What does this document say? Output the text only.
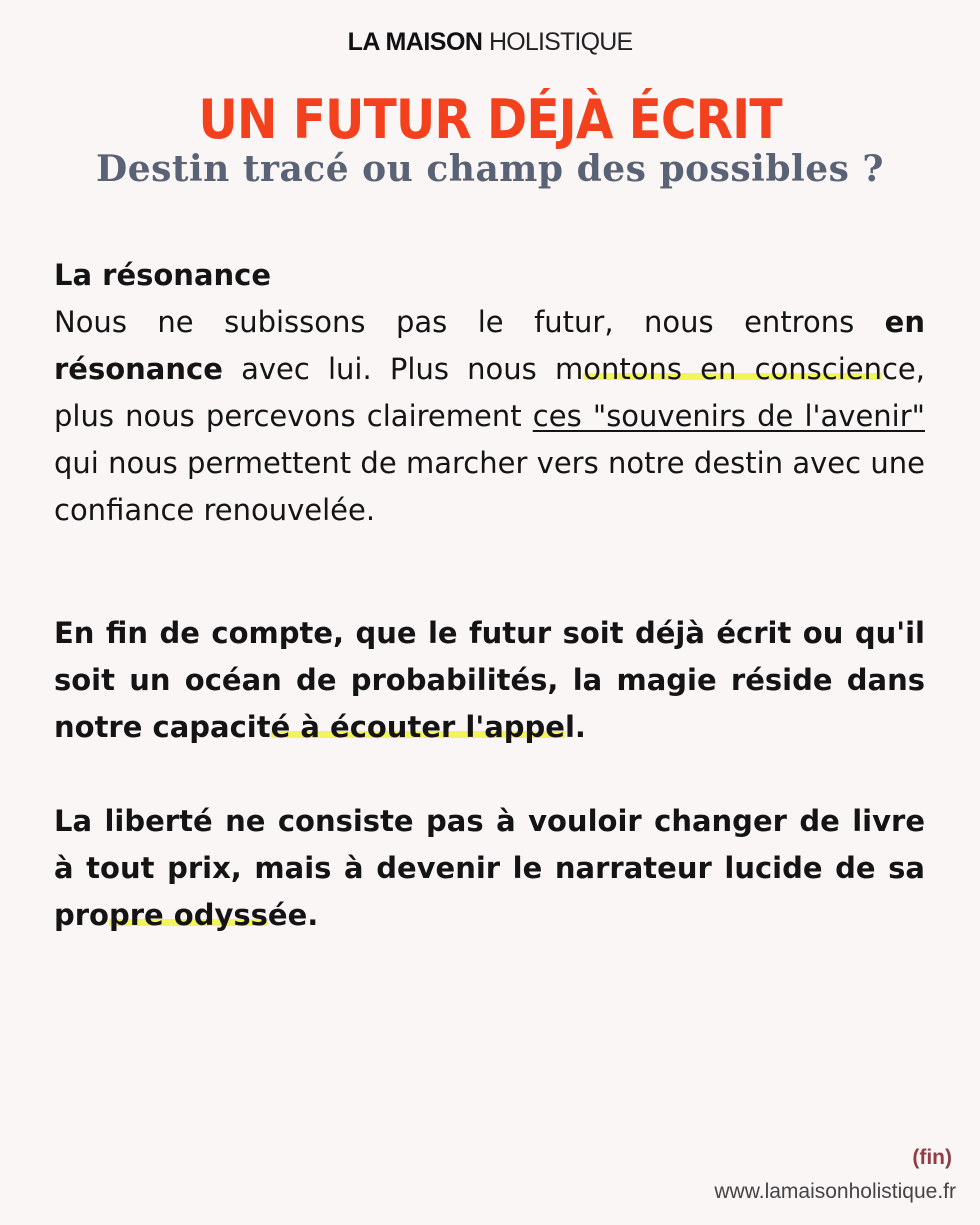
LA MAISON HOLISTIQUE
UN FUTUR DÉJÀ ÉCRIT
Destin tracé ou champ des possibles ?
La résonance
Nous ne subissons pas le futur, nous entrons en résonance avec lui. Plus nous montons en conscience, plus nous percevons clairement ces "souvenirs de l'avenir" qui nous permettent de marcher vers notre destin avec une confiance renouvelée.
En fin de compte, que le futur soit déjà écrit ou qu'il soit un océan de probabilités, la magie réside dans notre capacité à écouter l'appel.
La liberté ne consiste pas à vouloir changer de livre à tout prix, mais à devenir le narrateur lucide de sa propre odyssée.
(fin)
www.lamaisonholistique.fr
